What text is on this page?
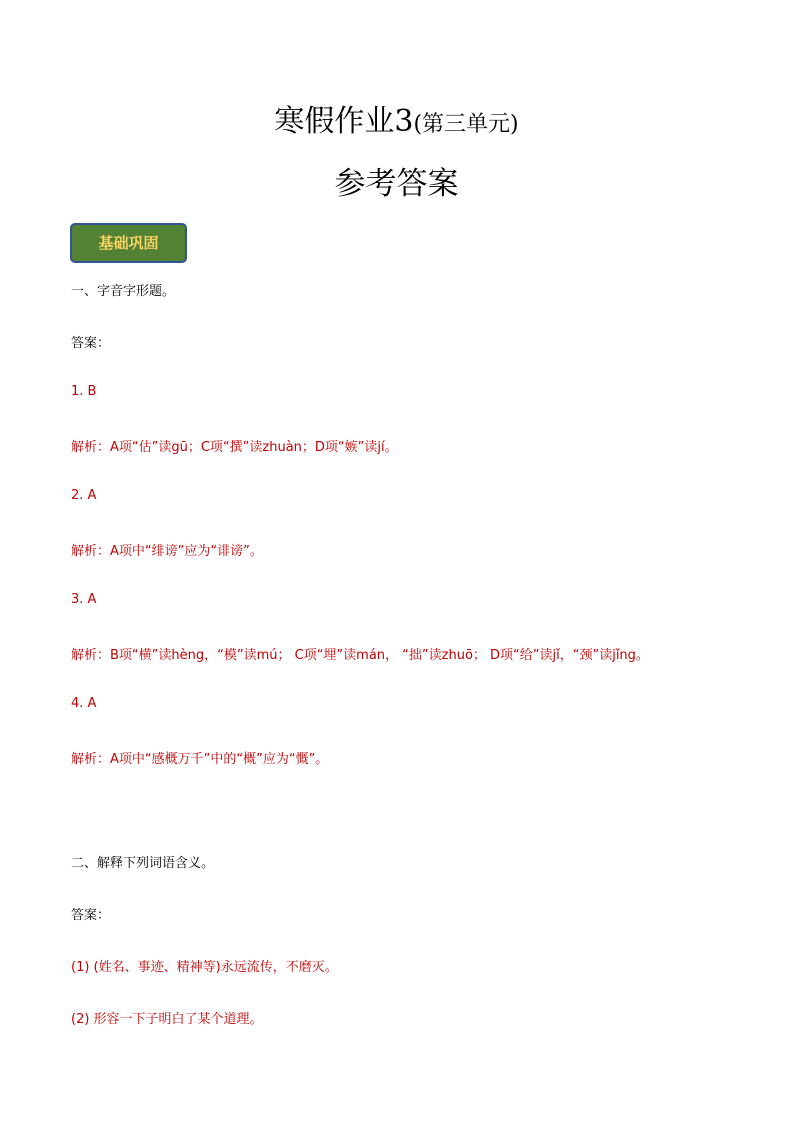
寒假作业3(第三单元)
参考答案
基础巩固
一、字音字形题。
答案：
1. B
解析：A项“估”读gū；C项“撰”读zhuàn；D项“嫉”读jí。
2. A
解析：A项中“绯谤”应为“诽谤”。
3. A
解析：B项“横”读hèng，“模”读mú； C项“埋”读mán， “拙”读zhuō； D项“给”读jǐ，“颈”读jǐng。
4. A
解析：A项中“感概万千”中的“概”应为“慨”。
二、解释下列词语含义。
答案：
(1) (姓名、事迹、精神等)永远流传，不磨灭。
(2) 形容一下子明白了某个道理。
